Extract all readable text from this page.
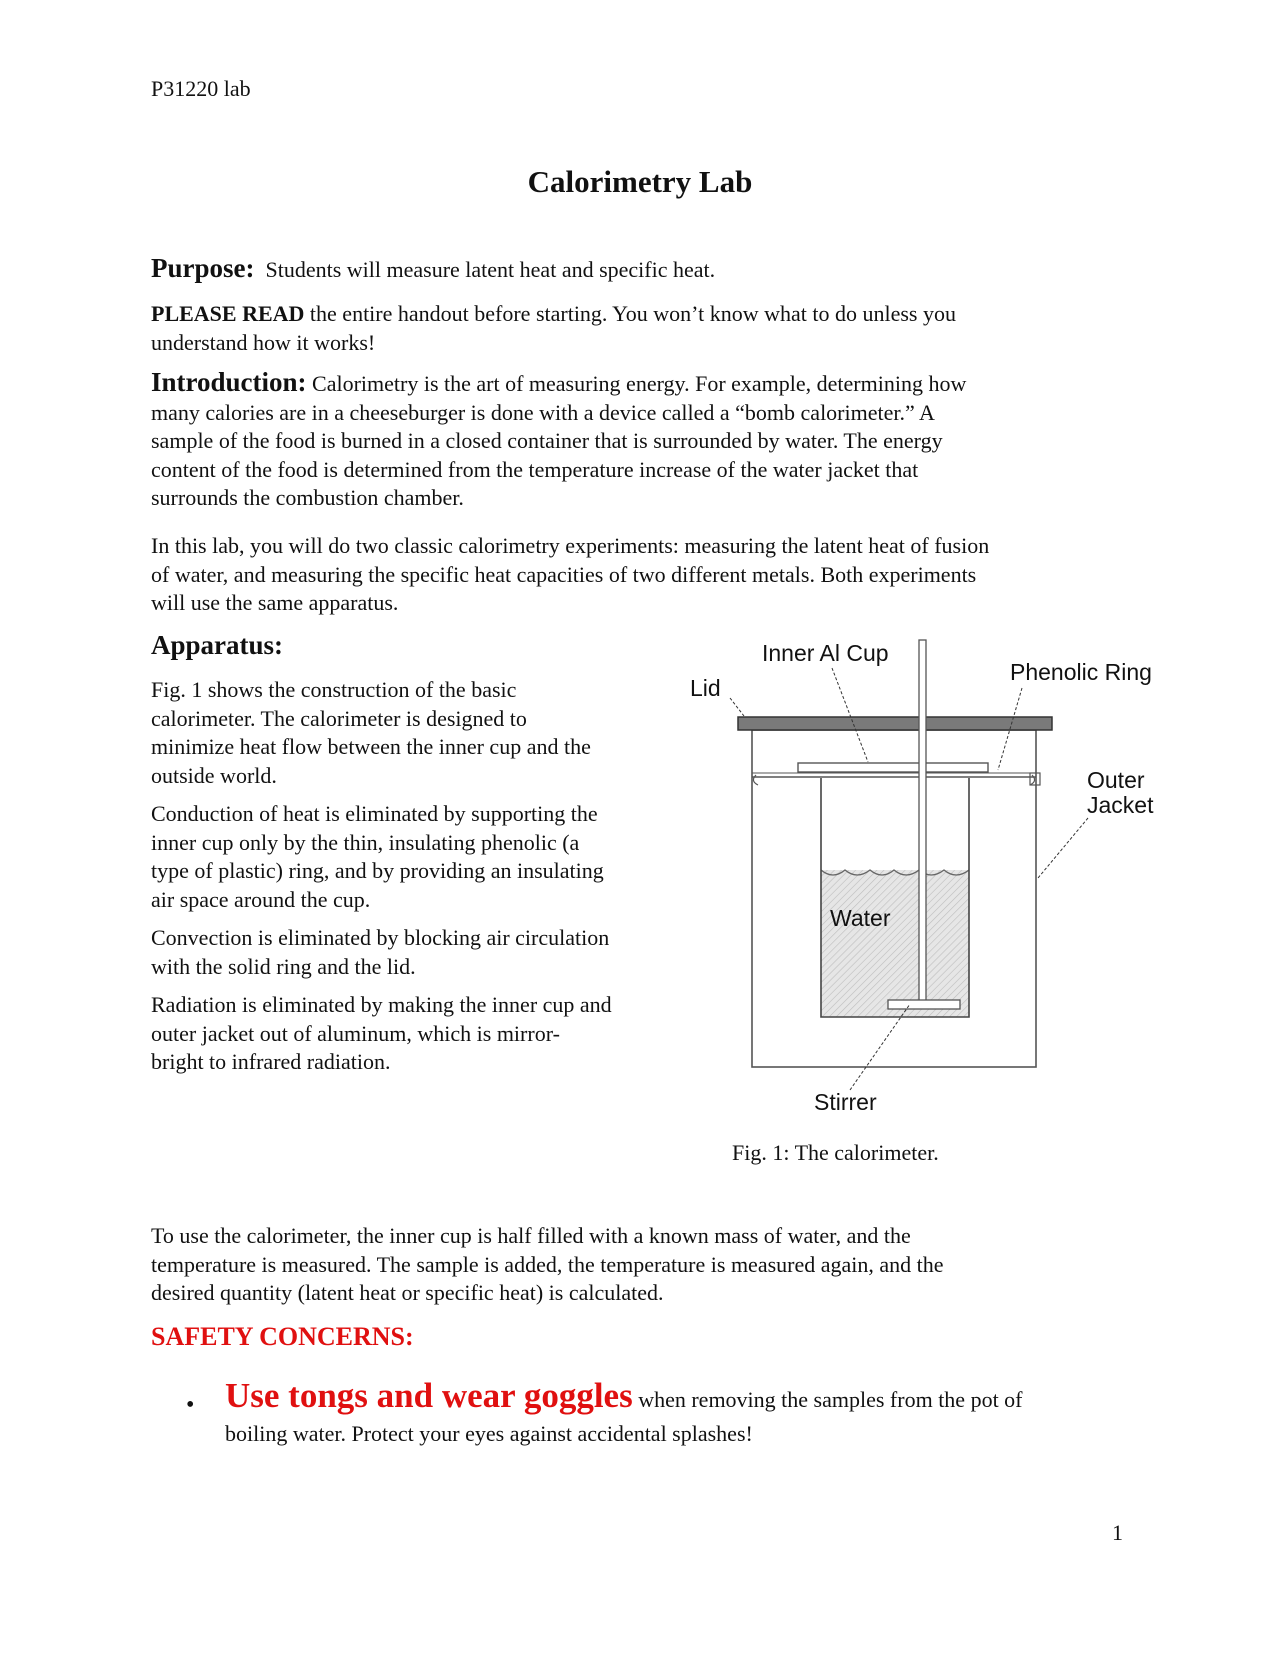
P31220 lab
Calorimetry Lab
Purpose: Students will measure latent heat and specific heat.
PLEASE READ the entire handout before starting. You won’t know what to do unless you
understand how it works!
Introduction: Calorimetry is the art of measuring energy. For example, determining how
many calories are in a cheeseburger is done with a device called a “bomb calorimeter.” A
sample of the food is burned in a closed container that is surrounded by water. The energy
content of the food is determined from the temperature increase of the water jacket that
surrounds the combustion chamber.
In this lab, you will do two classic calorimetry experiments: measuring the latent heat of fusion
of water, and measuring the specific heat capacities of two different metals. Both experiments
will use the same apparatus.
Apparatus:
Fig. 1 shows the construction of the basic
calorimeter. The calorimeter is designed to
minimize heat flow between the inner cup and the
outside world.
Conduction of heat is eliminated by supporting the
inner cup only by the thin, insulating phenolic (a
type of plastic) ring, and by providing an insulating
air space around the cup.
Convection is eliminated by blocking air circulation
with the solid ring and the lid.
Radiation is eliminated by making the inner cup and
outer jacket out of aluminum, which is mirror-
bright to infrared radiation.
Inner Al Cup
Lid
Phenolic Ring
Outer
Jacket
Water
Stirrer
Fig. 1: The calorimeter.
To use the calorimeter, the inner cup is half filled with a known mass of water, and the
temperature is measured. The sample is added, the temperature is measured again, and the
desired quantity (latent heat or specific heat) is calculated.
SAFETY CONCERNS:
• Use tongs and wear goggles when removing the samples from the pot of
boiling water. Protect your eyes against accidental splashes!
1
